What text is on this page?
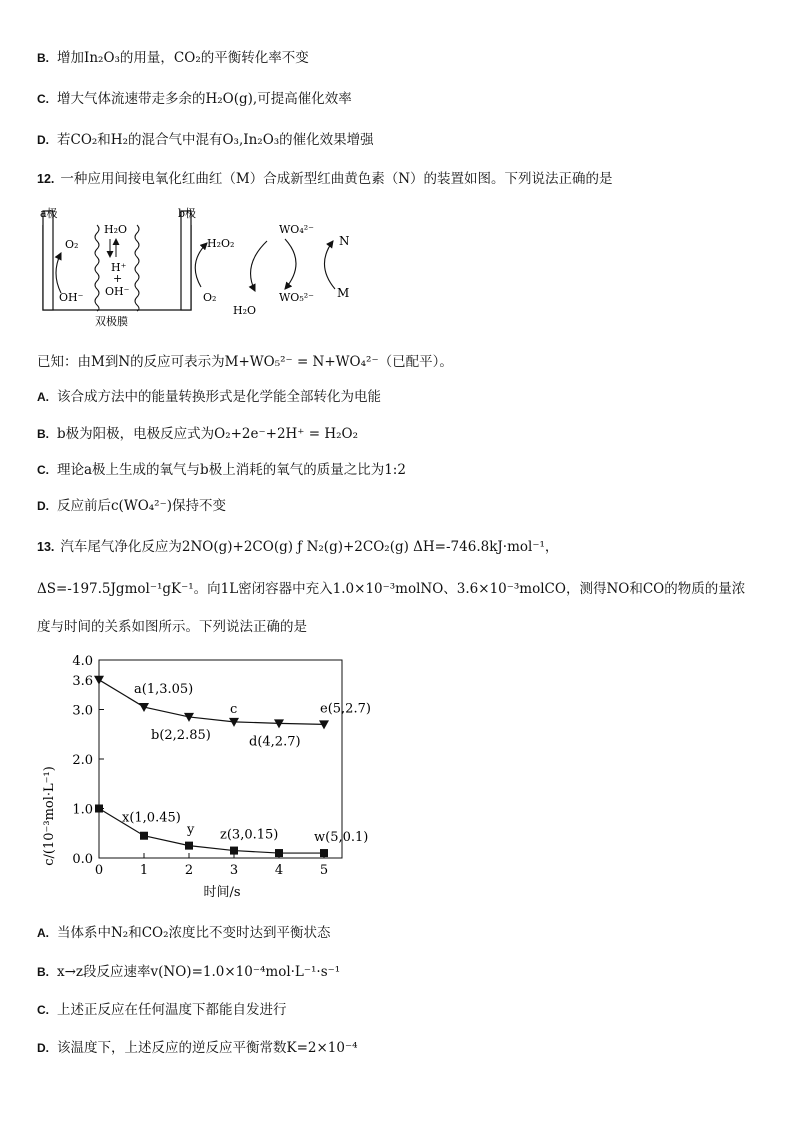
B. 增加In₂O₃的用量，CO₂的平衡转化率不变
C. 增大气体流速带走多余的H₂O(g),可提高催化效率
D. 若CO₂和H₂的混合气中混有O₃,In₂O₃的催化效果增强
12. 一种应用间接电氧化红曲红（M）合成新型红曲黄色素（N）的装置如图。下列说法正确的是
a极	b极
O₂
OH⁻
H₂O
H⁺
+
OH⁻
双极膜
H₂O₂
O₂
H₂O
WO₄²⁻
WO₅²⁻
N
M
已知：由M到N的反应可表示为M+WO₅²⁻ = N+WO₄²⁻（已配平）。
A. 该合成方法中的能量转换形式是化学能全部转化为电能
B. b极为阳极，电极反应式为O₂+2e⁻+2H⁺ = H₂O₂
C. 理论a极上生成的氧气与b极上消耗的氧气的质量之比为1:2
D. 反应前后c(WO₄²⁻)保持不变
13. 汽车尾气净化反应为2NO(g)+2CO(g) ƒ N₂(g)+2CO₂(g) ΔH=-746.8kJ·mol⁻¹，
ΔS=-197.5Jgmol⁻¹gK⁻¹。向1L密闭容器中充入1.0×10⁻³molNO、3.6×10⁻³molCO，测得NO和CO的物质的量浓
度与时间的关系如图所示。下列说法正确的是
0	1	2	3	4	5
0.0
1.0
2.0
3.0
4.0
3.6
a(1,3.05)
b(2,2.85)
c
d(4,2.7)
e(5,2.7)
x(1,0.45)
y z(3,0.15)	w(5,0.1)
c/(10⁻³mol·L⁻¹)
时间/s
A. 当体系中N₂和CO₂浓度比不变时达到平衡状态
B. x→z段反应速率v(NO)=1.0×10⁻⁴mol·L⁻¹·s⁻¹
C. 上述正反应在任何温度下都能自发进行
D. 该温度下，上述反应的逆反应平衡常数K=2×10⁻⁴
